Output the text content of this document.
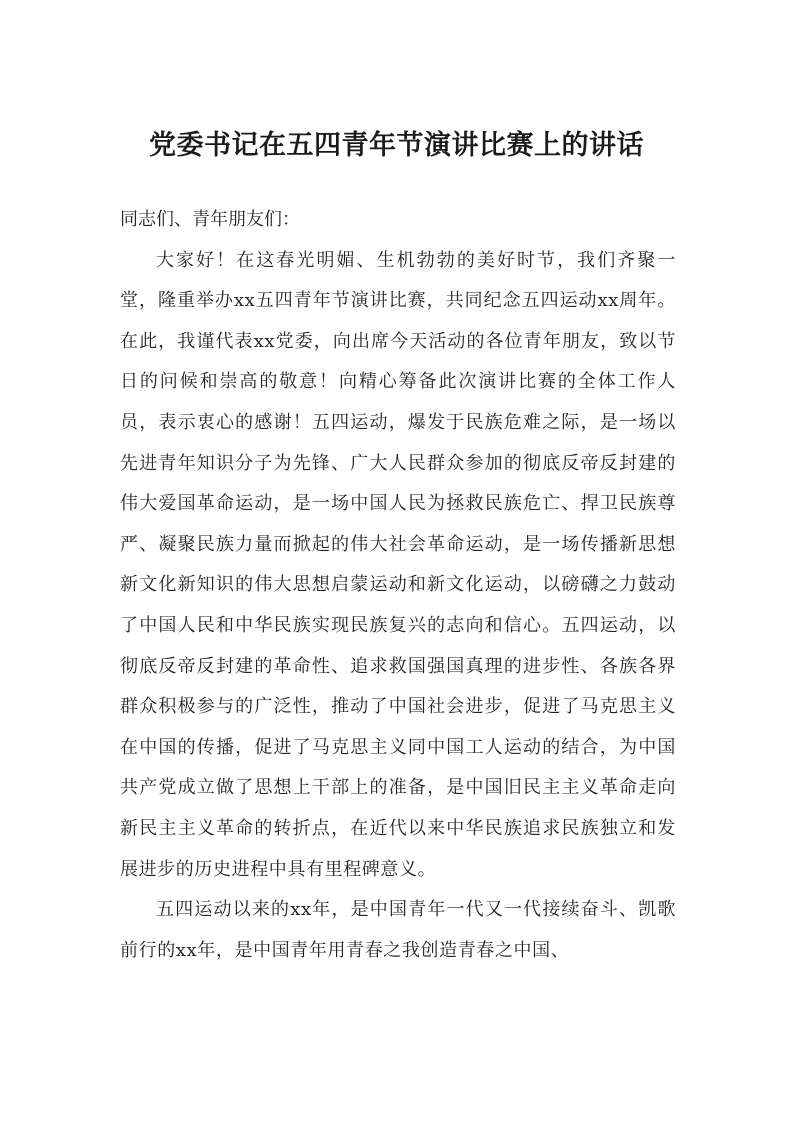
党委书记在五四青年节演讲比赛上的讲话

同志们、青年朋友们：

大家好！在这春光明媚、生机勃勃的美好时节，我们齐聚一堂，隆重举办xx五四青年节演讲比赛，共同纪念五四运动xx周年。在此，我谨代表xx党委，向出席今天活动的各位青年朋友，致以节日的问候和崇高的敬意！向精心筹备此次演讲比赛的全体工作人员，表示衷心的感谢！五四运动，爆发于民族危难之际，是一场以先进青年知识分子为先锋、广大人民群众参加的彻底反帝反封建的伟大爱国革命运动，是一场中国人民为拯救民族危亡、捍卫民族尊严、凝聚民族力量而掀起的伟大社会革命运动，是一场传播新思想新文化新知识的伟大思想启蒙运动和新文化运动，以磅礴之力鼓动了中国人民和中华民族实现民族复兴的志向和信心。五四运动，以彻底反帝反封建的革命性、追求救国强国真理的进步性、各族各界群众积极参与的广泛性，推动了中国社会进步，促进了马克思主义在中国的传播，促进了马克思主义同中国工人运动的结合，为中国共产党成立做了思想上干部上的准备，是中国旧民主主义革命走向新民主主义革命的转折点，在近代以来中华民族追求民族独立和发展进步的历史进程中具有里程碑意义。

五四运动以来的xx年，是中国青年一代又一代接续奋斗、凯歌前行的xx年，是中国青年用青春之我创造青春之中国、
